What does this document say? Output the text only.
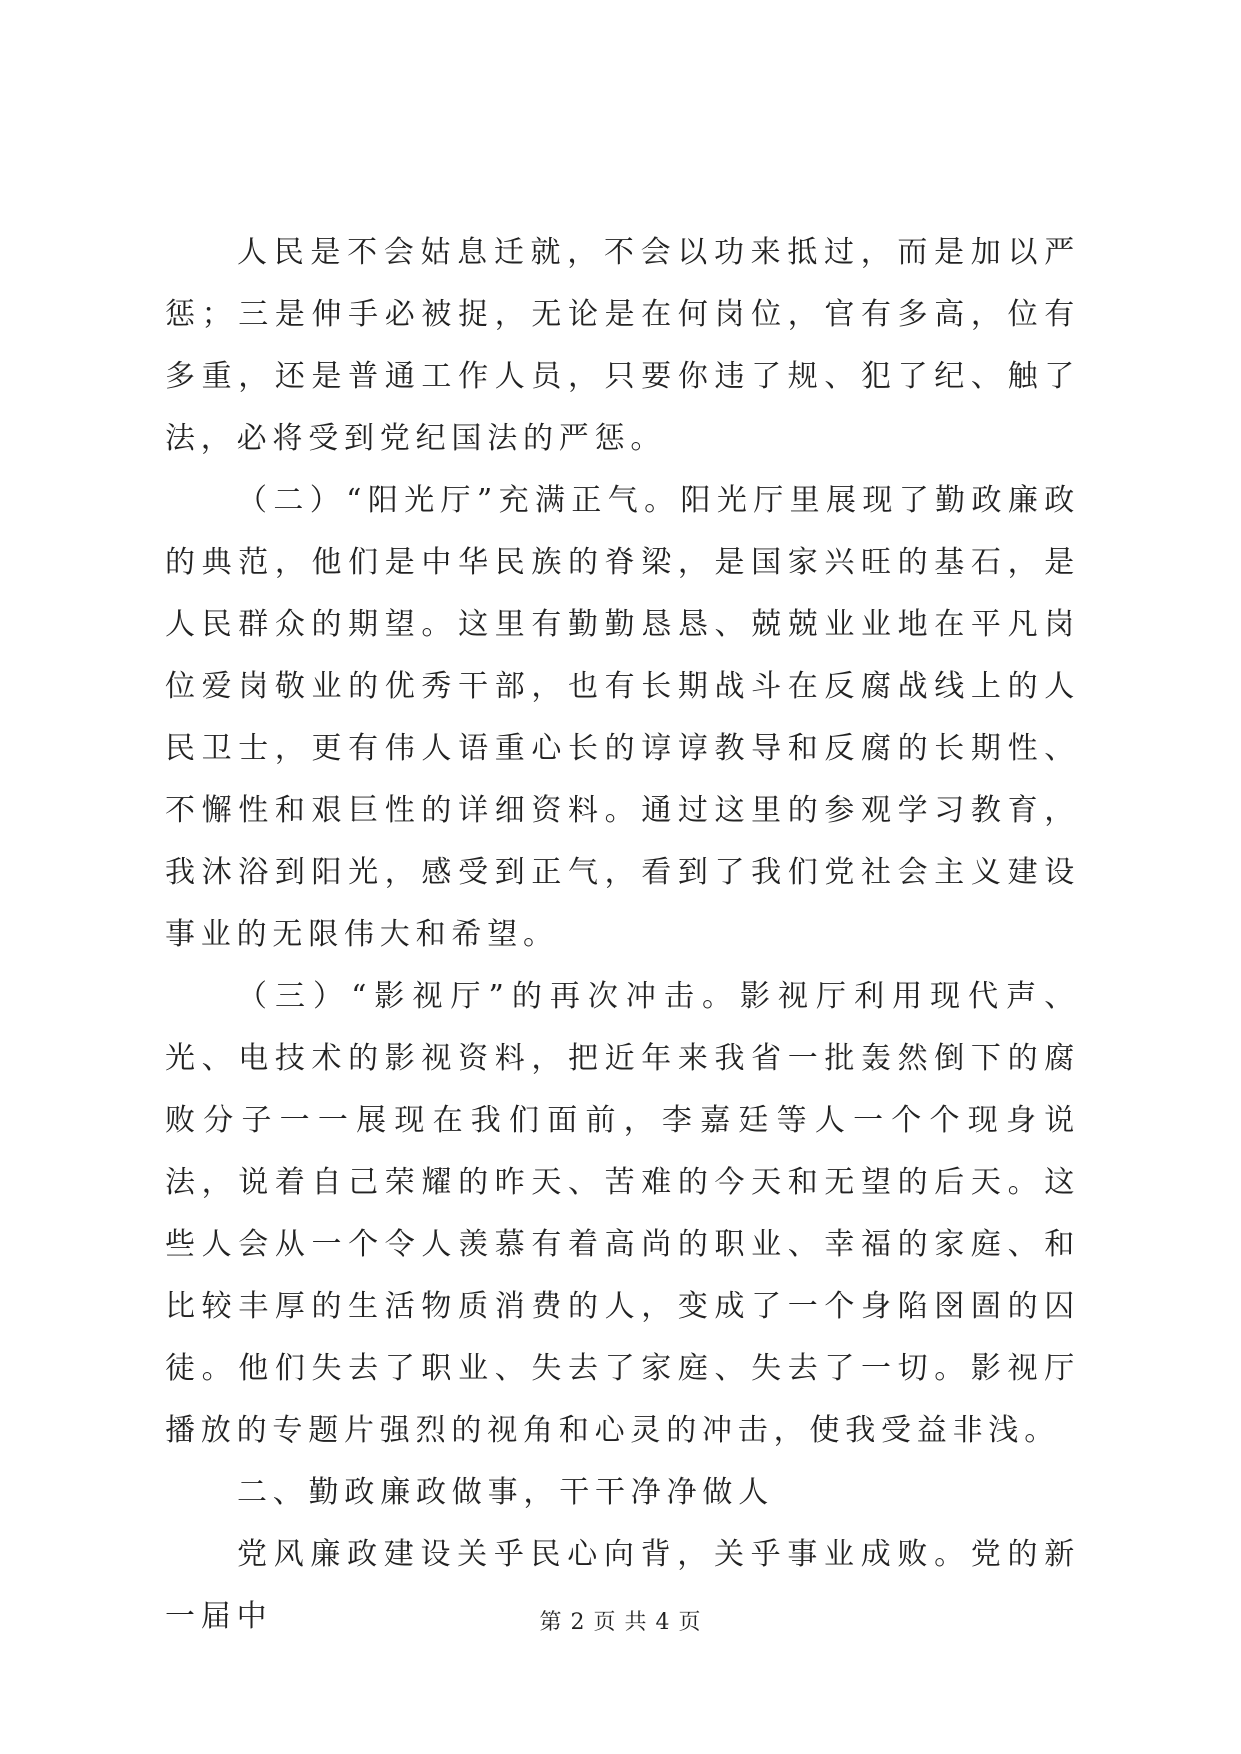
人民是不会姑息迁就，不会以功来抵过，而是加以严惩；三是伸手必被捉，无论是在何岗位，官有多高，位有多重，还是普通工作人员，只要你违了规、犯了纪、触了法，必将受到党纪国法的严惩。

（二）“阳光厅”充满正气。阳光厅里展现了勤政廉政的典范，他们是中华民族的脊梁，是国家兴旺的基石，是人民群众的期望。这里有勤勤恳恳、兢兢业业地在平凡岗位爱岗敬业的优秀干部，也有长期战斗在反腐战线上的人民卫士，更有伟人语重心长的谆谆教导和反腐的长期性、不懈性和艰巨性的详细资料。通过这里的参观学习教育，我沐浴到阳光，感受到正气，看到了我们党社会主义建设事业的无限伟大和希望。

（三）“影视厅”的再次冲击。影视厅利用现代声、光、电技术的影视资料，把近年来我省一批轰然倒下的腐败分子一一展现在我们面前，李嘉廷等人一个个现身说法，说着自己荣耀的昨天、苦难的今天和无望的后天。这些人会从一个令人羡慕有着高尚的职业、幸福的家庭、和比较丰厚的生活物质消费的人，变成了一个身陷囹圄的囚徒。他们失去了职业、失去了家庭、失去了一切。影视厅播放的专题片强烈的视角和心灵的冲击，使我受益非浅。

二、勤政廉政做事，干干净净做人

党风廉政建设关乎民心向背，关乎事业成败。党的新一届中	第 2 页 共 4 页
